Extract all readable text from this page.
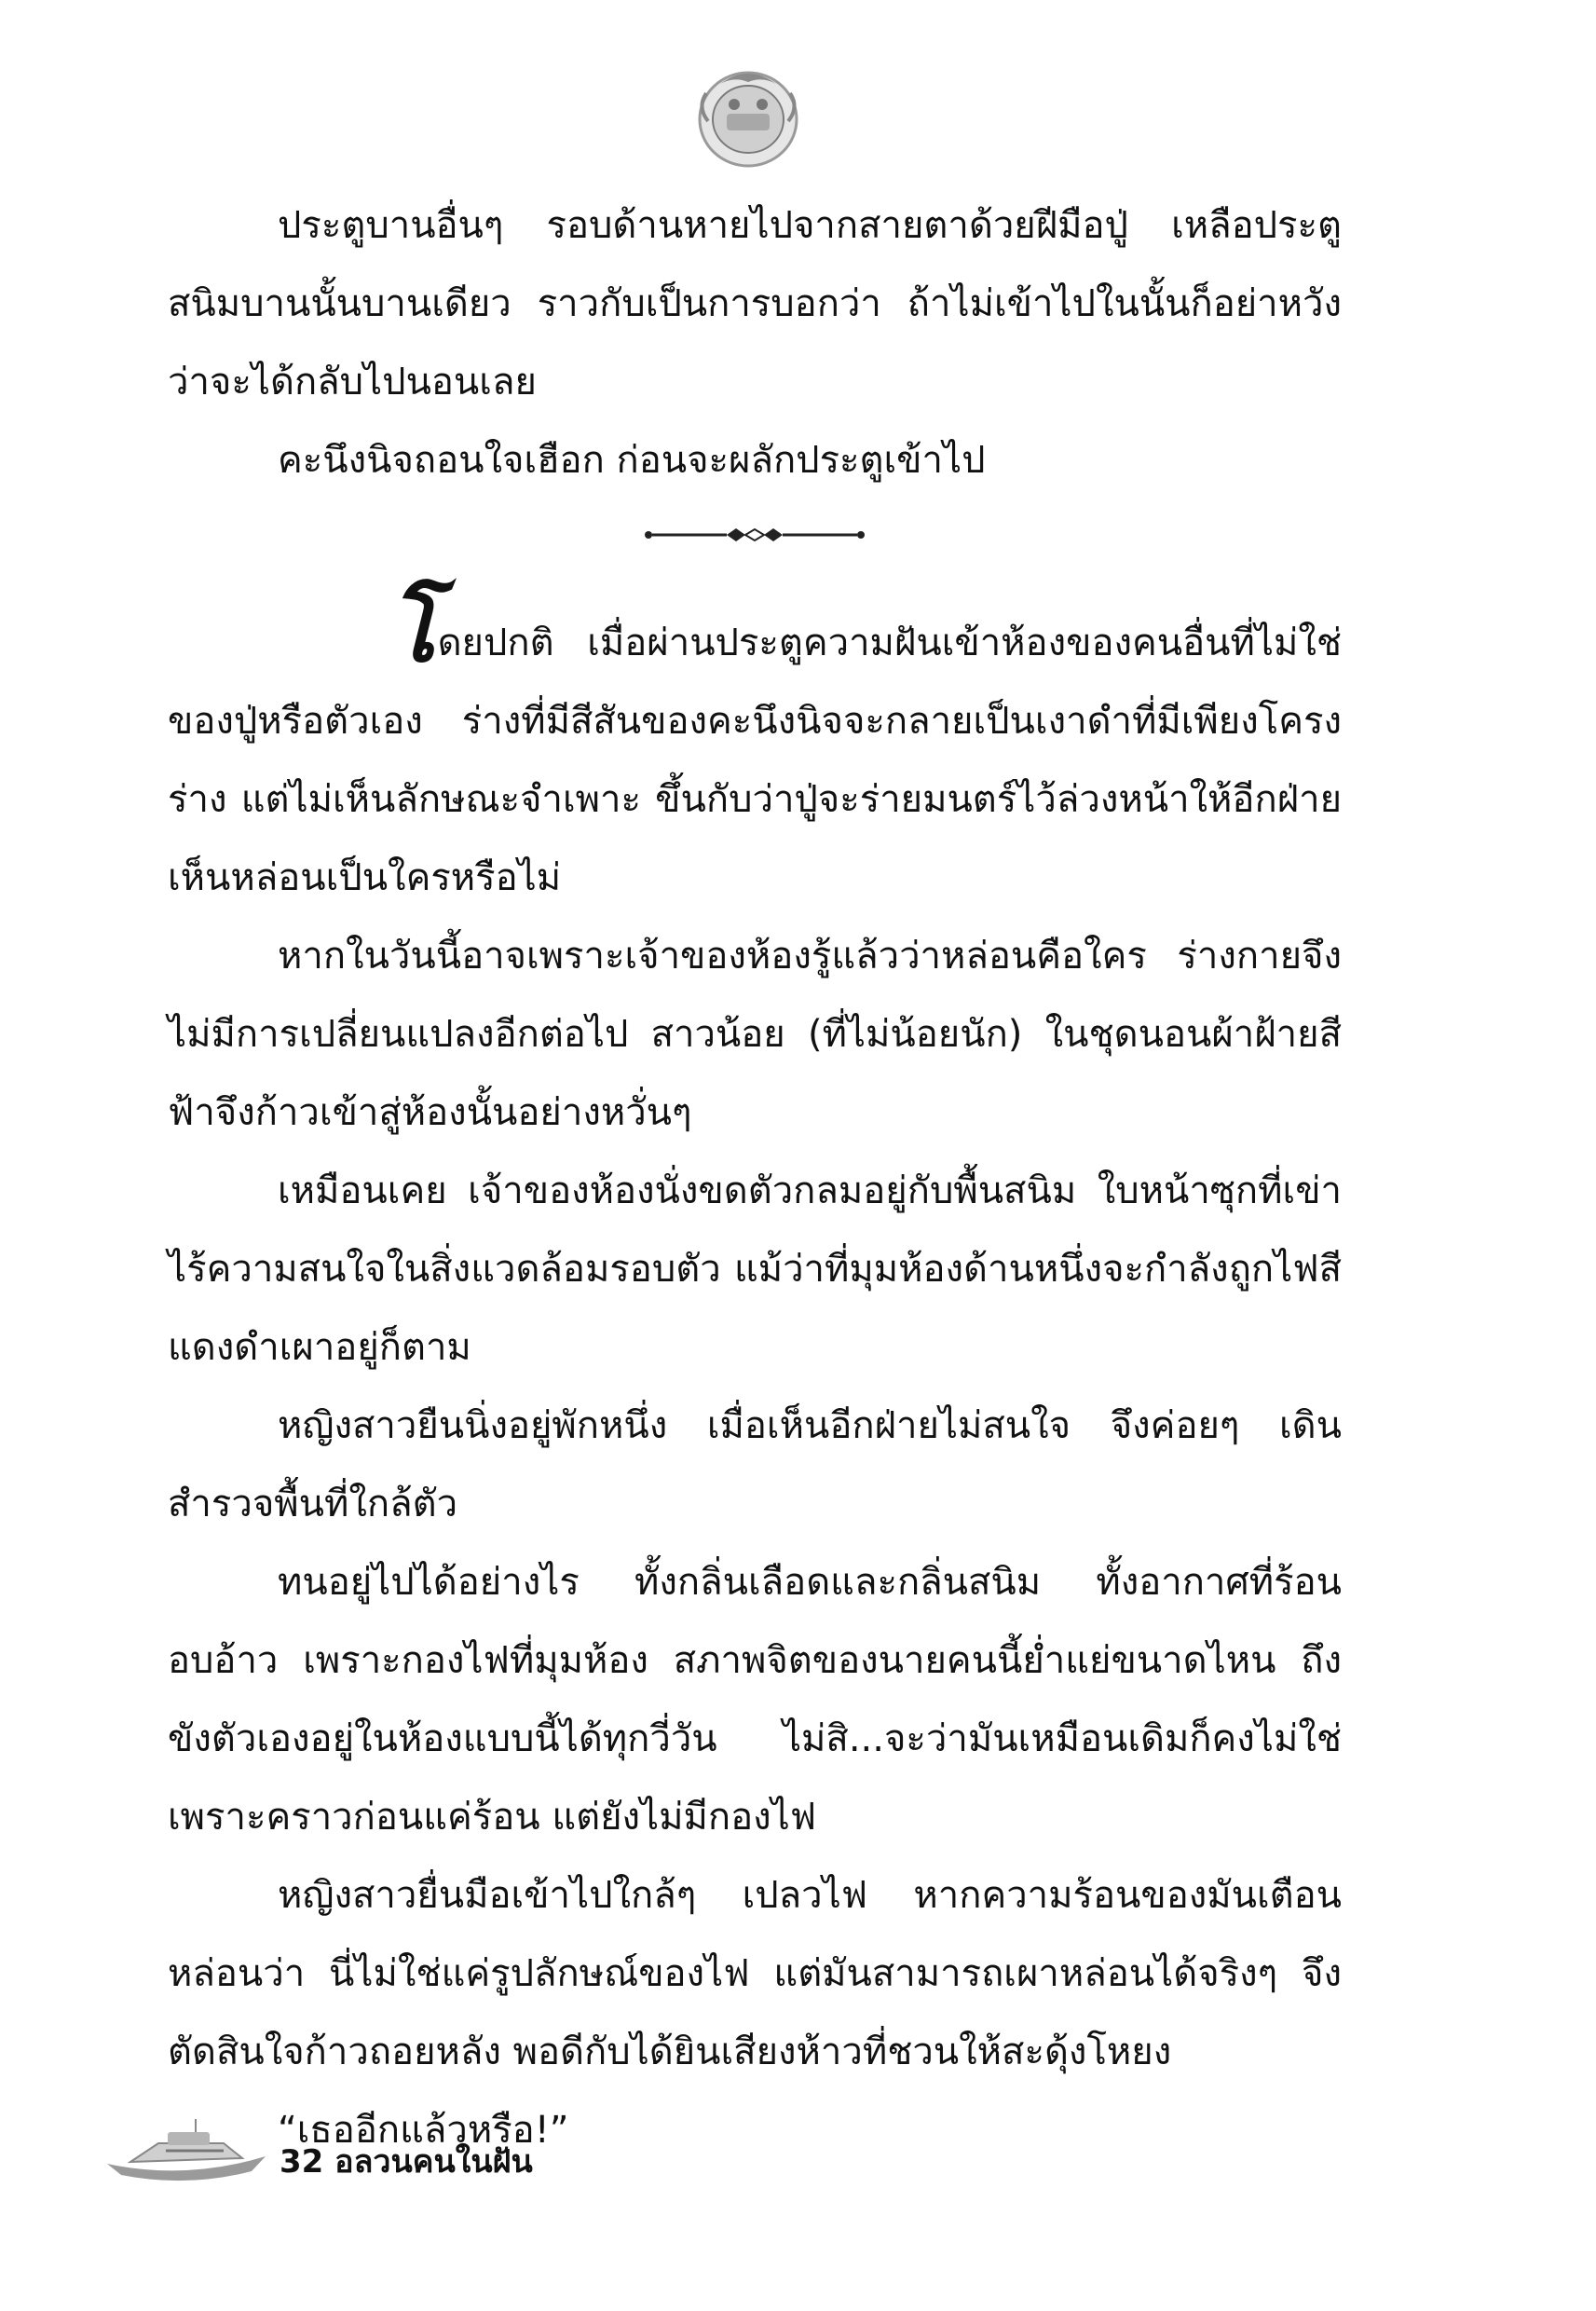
ประตูบานอื่นๆ รอบด้านหายไปจากสายตาด้วยฝีมือปู่ เหลือประตูสนิมบานนั้นบานเดียว ราวกับเป็นการบอกว่า ถ้าไม่เข้าไปในนั้นก็อย่าหวังว่าจะได้กลับไปนอนเลย

คะนึงนิจถอนใจเฮือก ก่อนจะผลักประตูเข้าไป

โดยปกติ เมื่อผ่านประตูความฝันเข้าห้องของคนอื่นที่ไม่ใช่ของปู่หรือตัวเอง ร่างที่มีสีสันของคะนึงนิจจะกลายเป็นเงาดำที่มีเพียงโครงร่าง แต่ไม่เห็นลักษณะจำเพาะ ขึ้นกับว่าปู่จะร่ายมนตร์ไว้ล่วงหน้าให้อีกฝ่ายเห็นหล่อนเป็นใครหรือไม่

หากในวันนี้อาจเพราะเจ้าของห้องรู้แล้วว่าหล่อนคือใคร ร่างกายจึงไม่มีการเปลี่ยนแปลงอีกต่อไป สาวน้อย (ที่ไม่น้อยนัก) ในชุดนอนผ้าฝ้ายสีฟ้าจึงก้าวเข้าสู่ห้องนั้นอย่างหวั่นๆ

เหมือนเคย เจ้าของห้องนั่งขดตัวกลมอยู่กับพื้นสนิม ใบหน้าซุกที่เข่า ไร้ความสนใจในสิ่งแวดล้อมรอบตัว แม้ว่าที่มุมห้องด้านหนึ่งจะกำลังถูกไฟสีแดงดำเผาอยู่ก็ตาม

หญิงสาวยืนนิ่งอยู่พักหนึ่ง เมื่อเห็นอีกฝ่ายไม่สนใจ จึงค่อยๆ เดินสำรวจพื้นที่ใกล้ตัว

ทนอยู่ไปได้อย่างไร ทั้งกลิ่นเลือดและกลิ่นสนิม ทั้งอากาศที่ร้อนอบอ้าว เพราะกองไฟที่มุมห้อง สภาพจิตของนายคนนี้ย่ำแย่ขนาดไหน ถึงขังตัวเองอยู่ในห้องแบบนี้ได้ทุกวี่วัน ไม่สิ...จะว่ามันเหมือนเดิมก็คงไม่ใช่ เพราะคราวก่อนแค่ร้อน แต่ยังไม่มีกองไฟ

หญิงสาวยื่นมือเข้าไปใกล้ๆ เปลวไฟ หากความร้อนของมันเตือนหล่อนว่า นี่ไม่ใช่แค่รูปลักษณ์ของไฟ แต่มันสามารถเผาหล่อนได้จริงๆ จึงตัดสินใจก้าวถอยหลัง พอดีกับได้ยินเสียงห้าวที่ชวนให้สะดุ้งโหยง

“เธออีกแล้วหรือ!”

32 อลวนคนในฝัน
